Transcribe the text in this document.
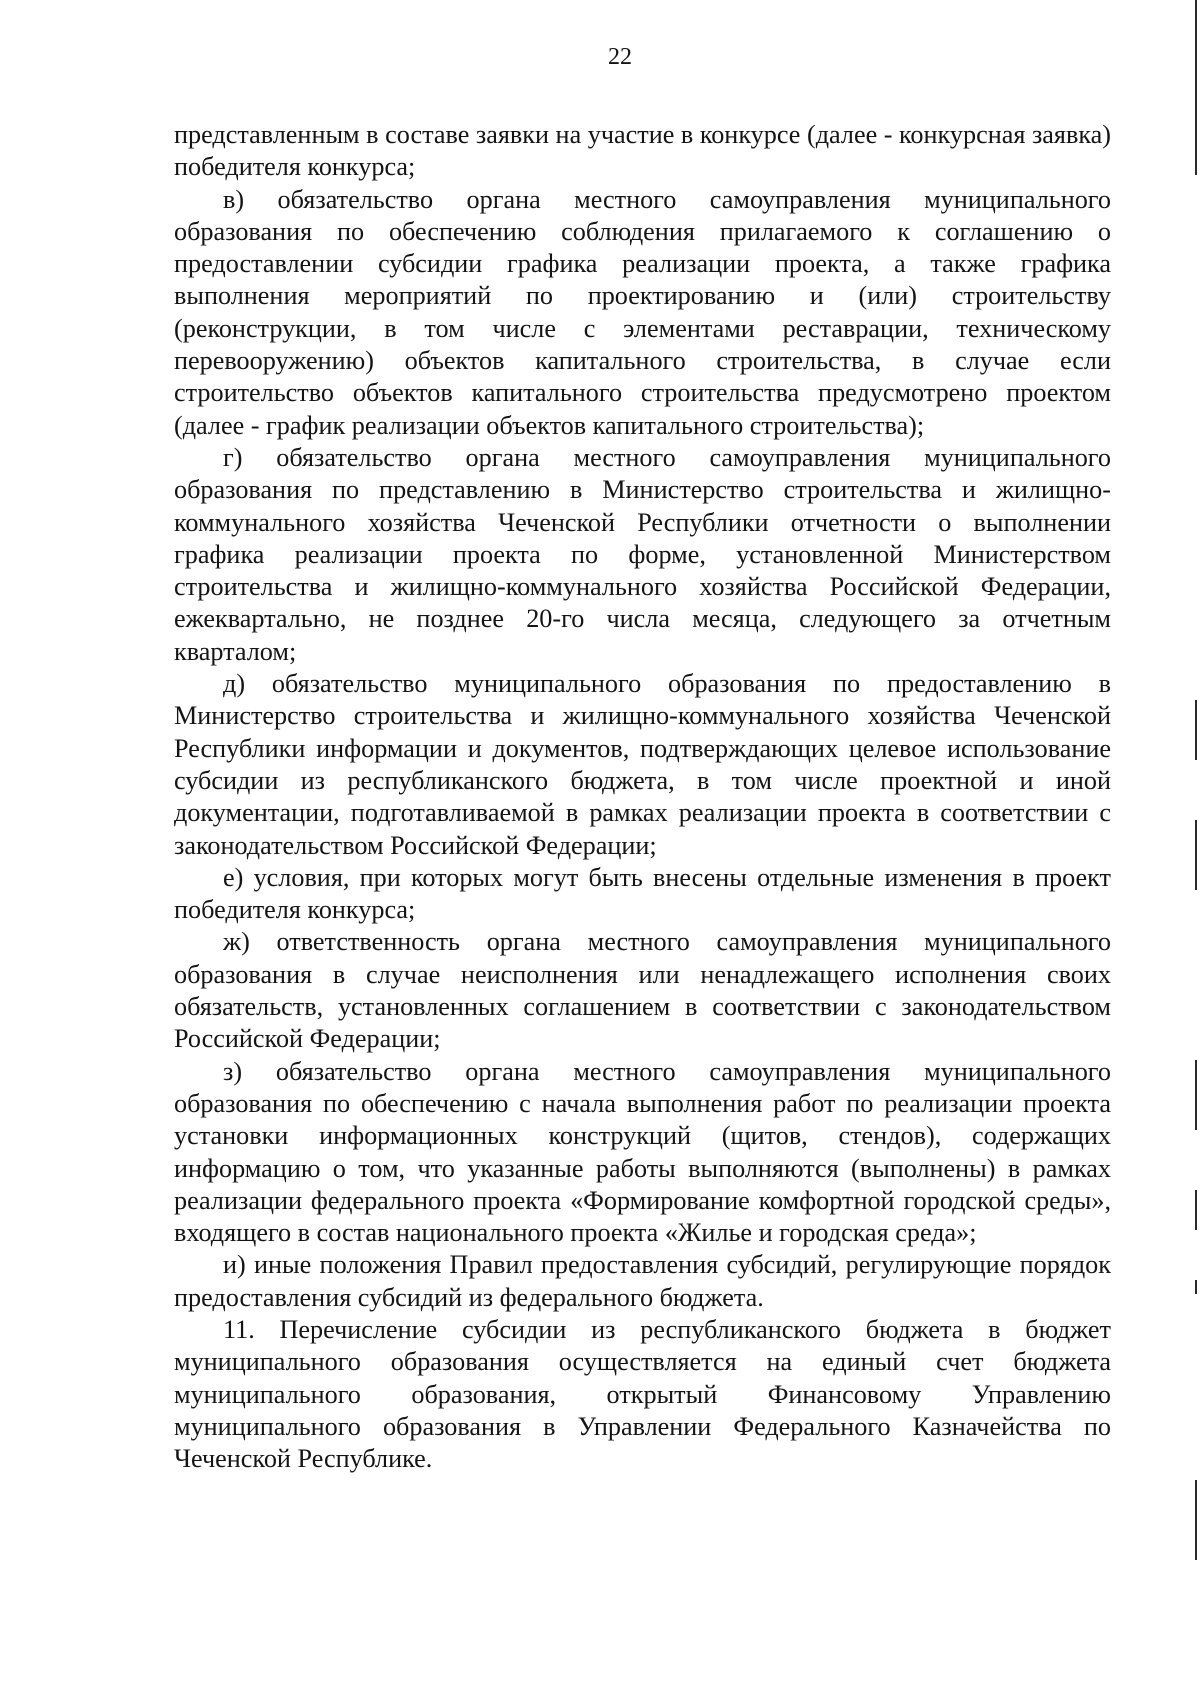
22

представленным в составе заявки на участие в конкурсе (далее - конкурсная заявка) победителя конкурса;

в) обязательство органа местного самоуправления муниципального образования по обеспечению соблюдения прилагаемого к соглашению о предоставлении субсидии графика реализации проекта, а также графика выполнения мероприятий по проектированию и (или) строительству (реконструкции, в том числе с элементами реставрации, техническому перевооружению) объектов капитального строительства, в случае если строительство объектов капитального строительства предусмотрено проектом (далее - график реализации объектов капитального строительства);

г) обязательство органа местного самоуправления муниципального образования по представлению в Министерство строительства и жилищно-коммунального хозяйства Чеченской Республики отчетности о выполнении графика реализации проекта по форме, установленной Министерством строительства и жилищно-коммунального хозяйства Российской Федерации, ежеквартально, не позднее 20-го числа месяца, следующего за отчетным кварталом;

д) обязательство муниципального образования по предоставлению в Министерство строительства и жилищно-коммунального хозяйства Чеченской Республики информации и документов, подтверждающих целевое использование субсидии из республиканского бюджета, в том числе проектной и иной документации, подготавливаемой в рамках реализации проекта в соответствии с законодательством Российской Федерации;

е) условия, при которых могут быть внесены отдельные изменения в проект победителя конкурса;

ж) ответственность органа местного самоуправления муниципального образования в случае неисполнения или ненадлежащего исполнения своих обязательств, установленных соглашением в соответствии с законодательством Российской Федерации;

з) обязательство органа местного самоуправления муниципального образования по обеспечению с начала выполнения работ по реализации проекта установки информационных конструкций (щитов, стендов), содержащих информацию о том, что указанные работы выполняются (выполнены) в рамках реализации федерального проекта «Формирование комфортной городской среды», входящего в состав национального проекта «Жилье и городская среда»;

и) иные положения Правил предоставления субсидий, регулирующие порядок предоставления субсидий из федерального бюджета.

11. Перечисление субсидии из республиканского бюджета в бюджет муниципального образования осуществляется на единый счет бюджета муниципального образования, открытый Финансовому Управлению муниципального образования в Управлении Федерального Казначейства по Чеченской Республике.
